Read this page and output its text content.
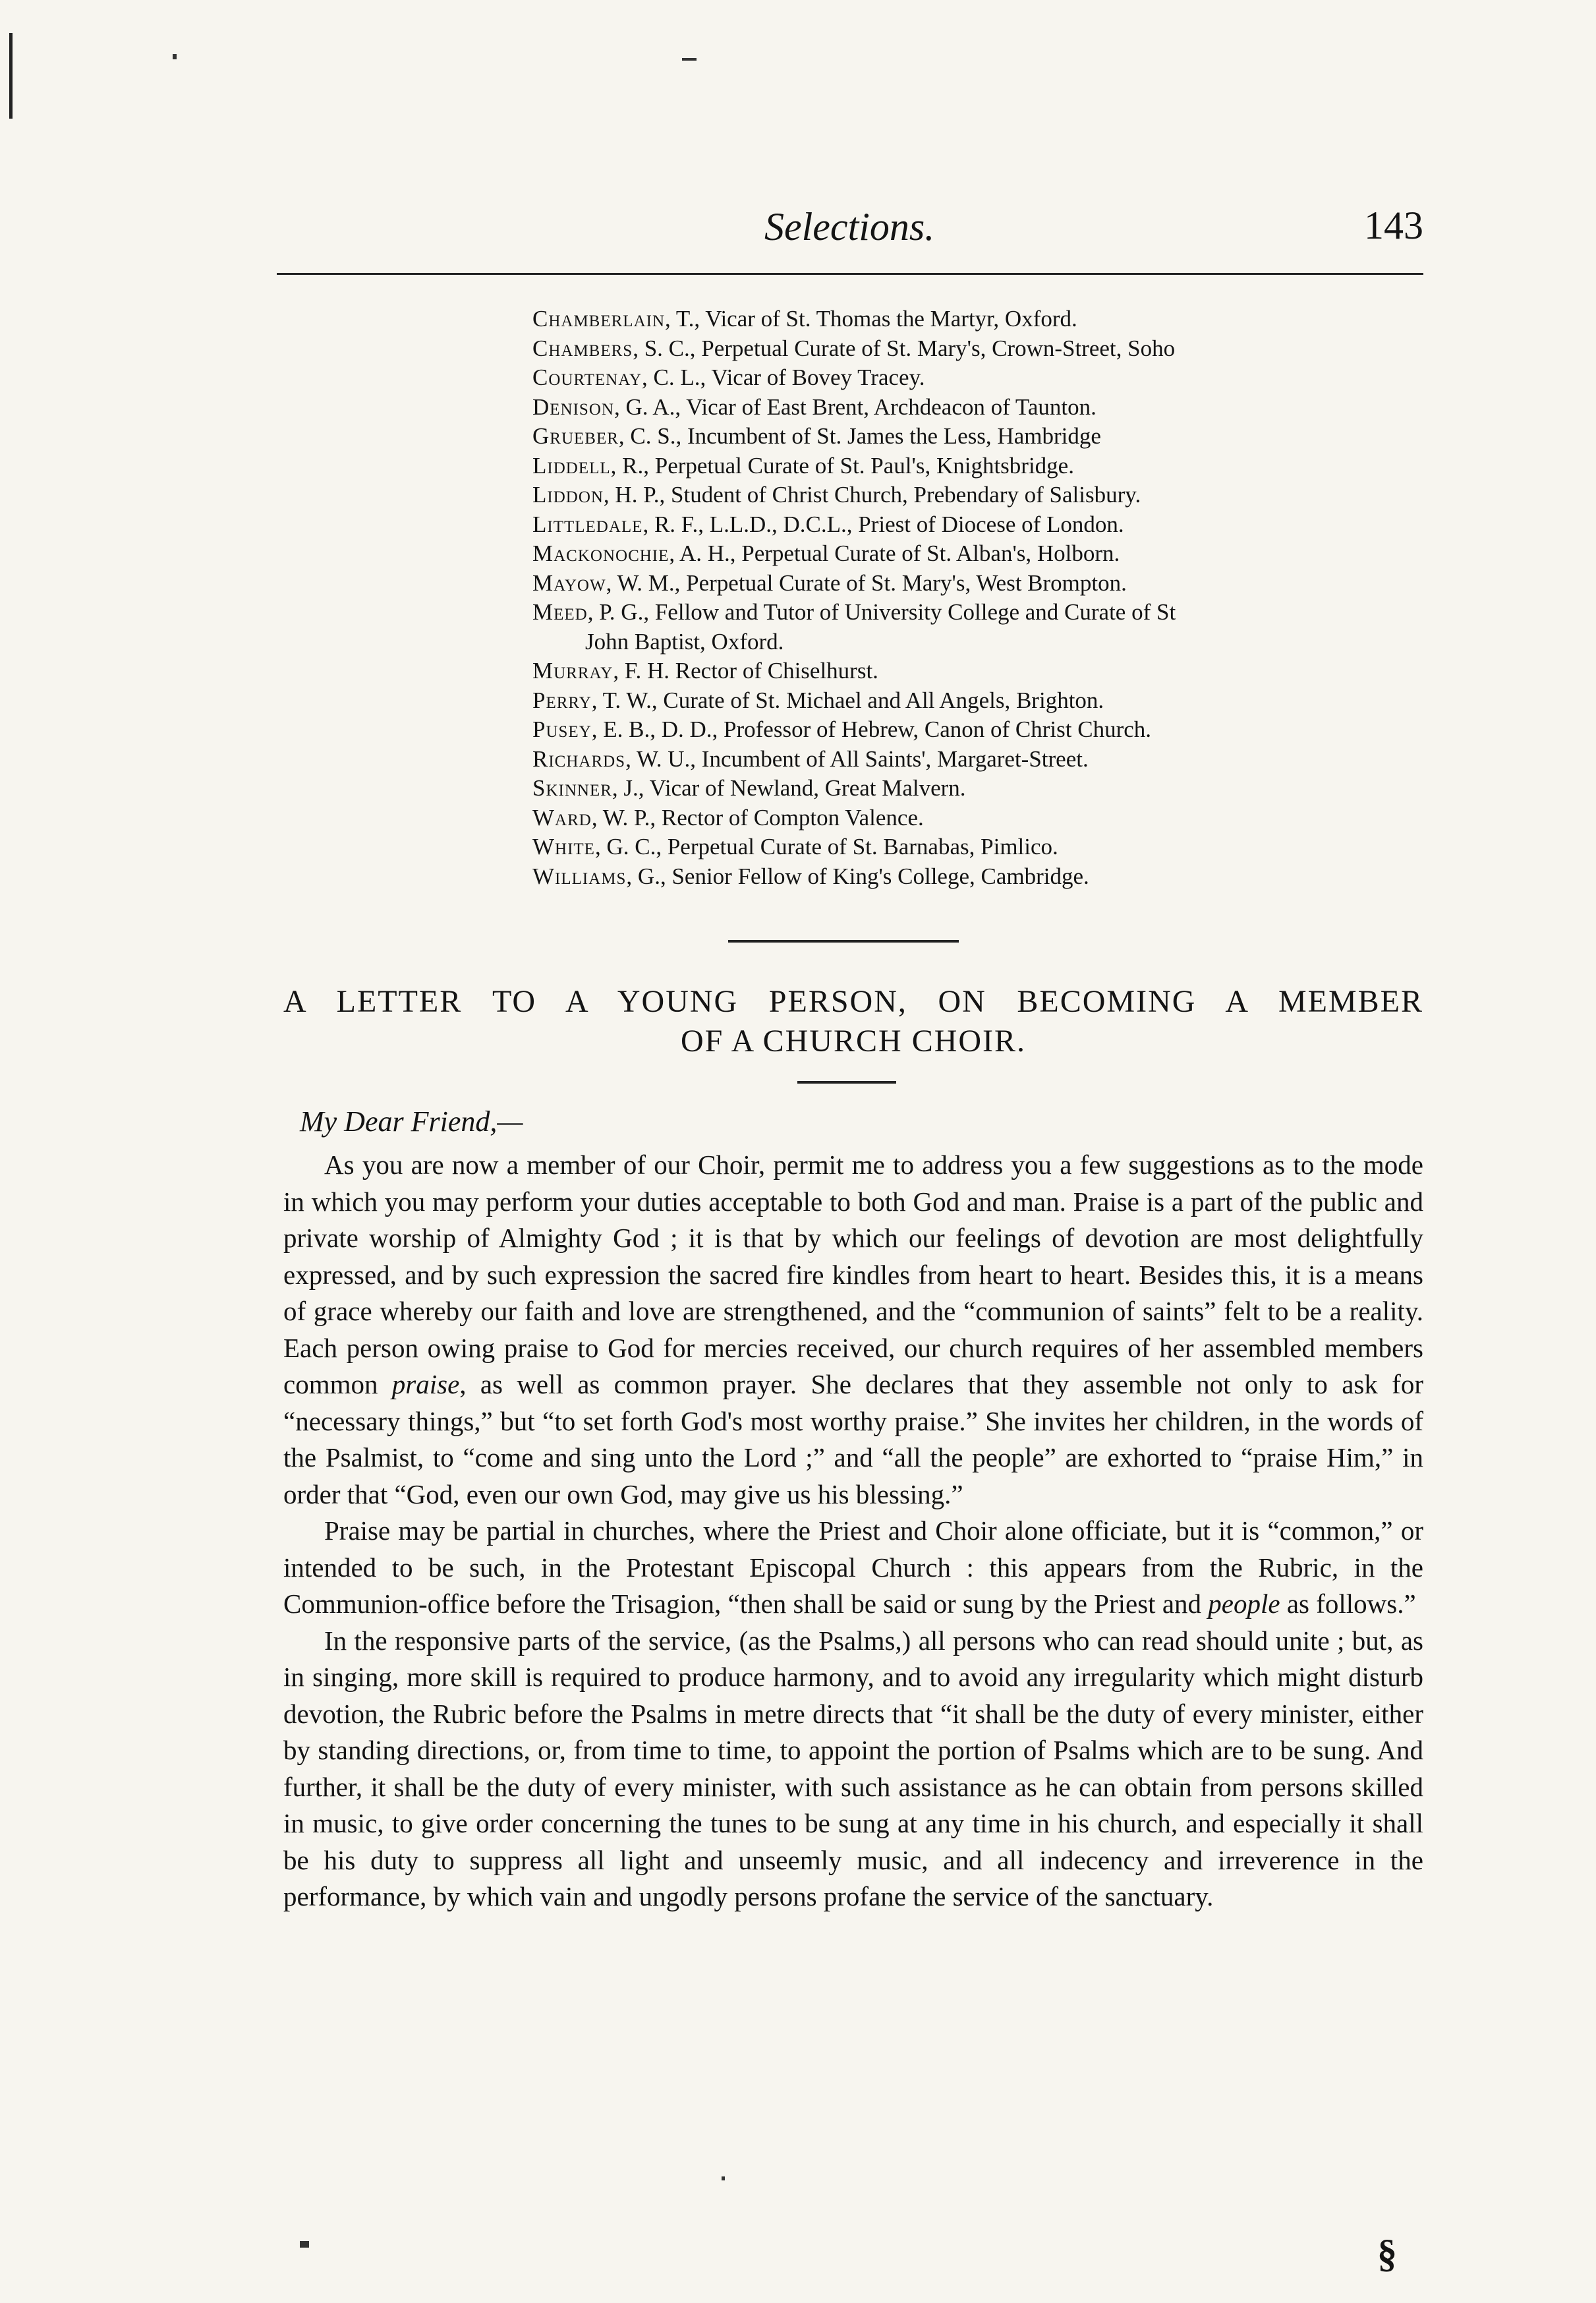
Selections.	143
Chamberlain, T., Vicar of St. Thomas the Martyr, Oxford.
Chambers, S. C., Perpetual Curate of St. Mary's, Crown-Street, Soho
Courtenay, C. L., Vicar of Bovey Tracey.
Denison, G. A., Vicar of East Brent, Archdeacon of Taunton.
Grueber, C. S., Incumbent of St. James the Less, Hambridge
Liddell, R., Perpetual Curate of St. Paul's, Knightsbridge.
Liddon, H. P., Student of Christ Church, Prebendary of Salisbury.
Littledale, R. F., L.L.D., D.C.L., Priest of Diocese of London.
Mackonochie, A. H., Perpetual Curate of St. Alban's, Holborn.
Mayow, W. M., Perpetual Curate of St. Mary's, West Brompton.
Meed, P. G., Fellow and Tutor of University College and Curate of St
John Baptist, Oxford.
Murray, F. H. Rector of Chiselhurst.
Perry, T. W., Curate of St. Michael and All Angels, Brighton.
Pusey, E. B., D. D., Professor of Hebrew, Canon of Christ Church.
Richards, W. U., Incumbent of All Saints', Margaret-Street.
Skinner, J., Vicar of Newland, Great Malvern.
Ward, W. P., Rector of Compton Valence.
White, G. C., Perpetual Curate of St. Barnabas, Pimlico.
Williams, G., Senior Fellow of King's College, Cambridge.
A LETTER TO A YOUNG PERSON, ON BECOMING A MEMBER
OF A CHURCH CHOIR.
My Dear Friend,—

As you are now a member of our Choir, permit me to address you a few suggestions as to the mode in which you may perform your duties acceptable to both God and man. Praise is a part of the public and private worship of Almighty God ; it is that by which our feelings of devotion are most delightfully expressed, and by such expression the sacred fire kindles from heart to heart. Besides this, it is a means of grace whereby our faith and love are strengthened, and the “communion of saints” felt to be a reality. Each person owing praise to God for mercies received, our church requires of her assembled members common praise, as well as common prayer. She declares that they assemble not only to ask for “necessary things,” but “to set forth God's most worthy praise.” She invites her children, in the words of the Psalmist, to “come and sing unto the Lord ;” and “all the people” are exhorted to “praise Him,” in order that “God, even our own God, may give us his blessing.”

Praise may be partial in churches, where the Priest and Choir alone officiate, but it is “common,” or intended to be such, in the Protestant Episcopal Church : this appears from the Rubric, in the Communion-office before the Trisagion, “then shall be said or sung by the Priest and people as follows.”

In the responsive parts of the service, (as the Psalms,) all persons who can read should unite ; but, as in singing, more skill is required to produce harmony, and to avoid any irregularity which might disturb devotion, the Rubric before the Psalms in metre directs that “it shall be the duty of every minister, either by standing directions, or, from time to time, to appoint the portion of Psalms which are to be sung. And further, it shall be the duty of every minister, with such assistance as he can obtain from persons skilled in music, to give order concerning the tunes to be sung at any time in his church, and especially it shall be his duty to suppress all light and unseemly music, and all indecency and irreverence in the performance, by which vain and ungodly persons profane the service of the sanctuary.

§
